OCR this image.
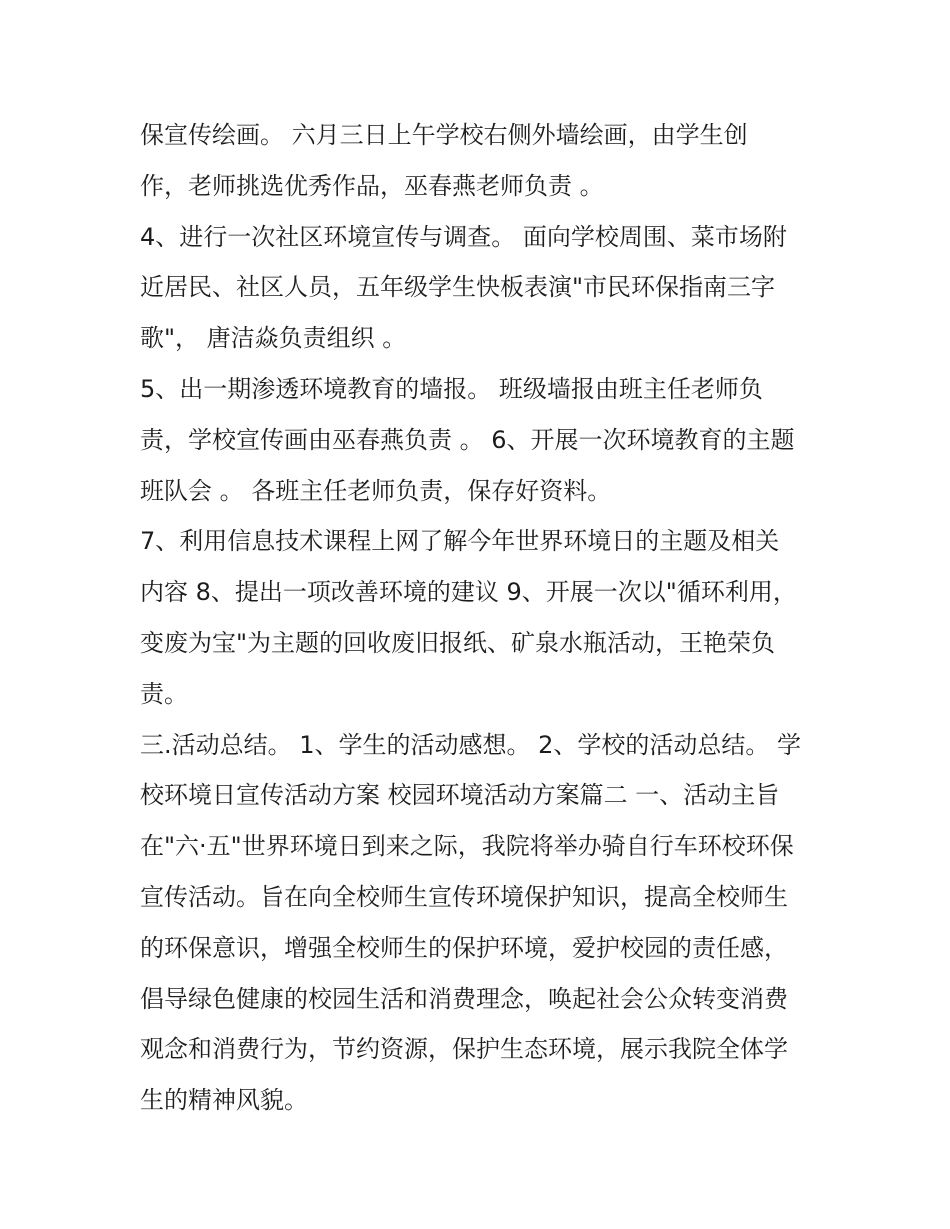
保宣传绘画。 六月三日上午学校右侧外墙绘画，由学生创
作，老师挑选优秀作品，巫春燕老师负责 。
4、进行一次社区环境宣传与调查。 面向学校周围、菜市场附
近居民、社区人员，五年级学生快板表演"市民环保指南三字
歌"， 唐洁焱负责组织 。
5、出一期渗透环境教育的墙报。 班级墙报由班主任老师负
责，学校宣传画由巫春燕负责 。 6、开展一次环境教育的主题
班队会 。 各班主任老师负责，保存好资料。
7、利用信息技术课程上网了解今年世界环境日的主题及相关
内容 8、提出一项改善环境的建议 9、开展一次以"循环利用，
变废为宝"为主题的回收废旧报纸、矿泉水瓶活动，王艳荣负
责。
三.活动总结。 1、学生的活动感想。 2、学校的活动总结。 学
校环境日宣传活动方案 校园环境活动方案篇二 一、活动主旨
在"六·五"世界环境日到来之际，我院将举办骑自行车环校环保
宣传活动。旨在向全校师生宣传环境保护知识，提高全校师生
的环保意识，增强全校师生的保护环境，爱护校园的责任感，
倡导绿色健康的校园生活和消费理念，唤起社会公众转变消费
观念和消费行为，节约资源，保护生态环境，展示我院全体学
生的精神风貌。
